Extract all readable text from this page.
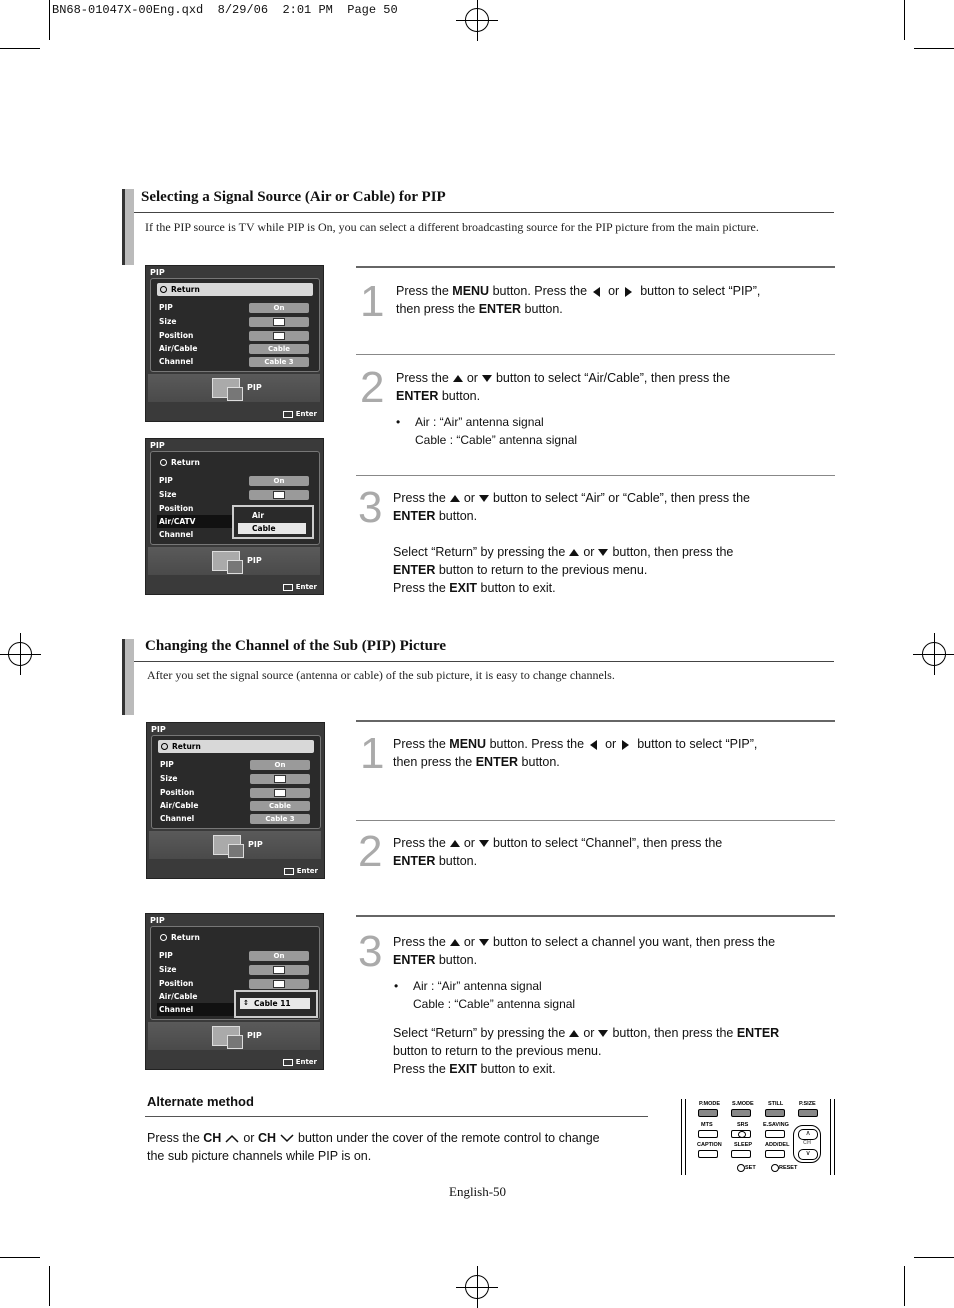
BN68-01047X-00Eng.qxd  8/29/06  2:01 PM  Page 50
Selecting a Signal Source (Air or Cable) for PIP
If the PIP source is TV while PIP is On, you can select a different broadcasting source for the PIP picture from the main picture.
PIP
Return
PIP	On
Size
Position
Air/Cable	Cable
Channel	Cable 3
PIP
Enter
PIP
Return
PIP	On
Size
Position
Air/CATV
Channel
Air
Cable
PIP
Enter
1 Press the MENU button. Press the or button to select “PIP”,
then press the ENTER button.
2 Press the or button to select “Air/Cable”, then press the
ENTER button.
• Air : “Air” antenna signal
Cable : “Cable” antenna signal
3 Press the or button to select “Air” or “Cable”, then press the
ENTER button.
Select “Return” by pressing the or button, then press the
ENTER button to return to the previous menu.
Press the EXIT button to exit.
Changing the Channel of the Sub (PIP) Picture
After you set the signal source (antenna or cable) of the sub picture, it is easy to change channels.
PIP
Return
PIP	On
Size
Position
Air/Cable	Cable
Channel	Cable 3
PIP
Enter
PIP
Return
PIP	On
Size
Position
Air/Cable
Channel
↕ Cable 11
PIP
Enter
1 Press the MENU button. Press the or button to select “PIP”,
then press the ENTER button.
2 Press the or button to select “Channel”, then press the
ENTER button.
3 Press the or button to select a channel you want, then press the
ENTER button.
• Air : “Air” antenna signal
Cable : “Cable” antenna signal
Select “Return” by pressing the or button, then press the ENTER
button to return to the previous menu.
Press the EXIT button to exit.
Alternate method
Press the CH or CH button under the cover of the remote control to change
the sub picture channels while PIP is on.
P.MODE S.MODE	STILL	P.SIZE
MTS	SRS	E.SAVING
CAPTION SLEEP ADD/DEL
∧
CH
∨
SET	RESET
English-50
